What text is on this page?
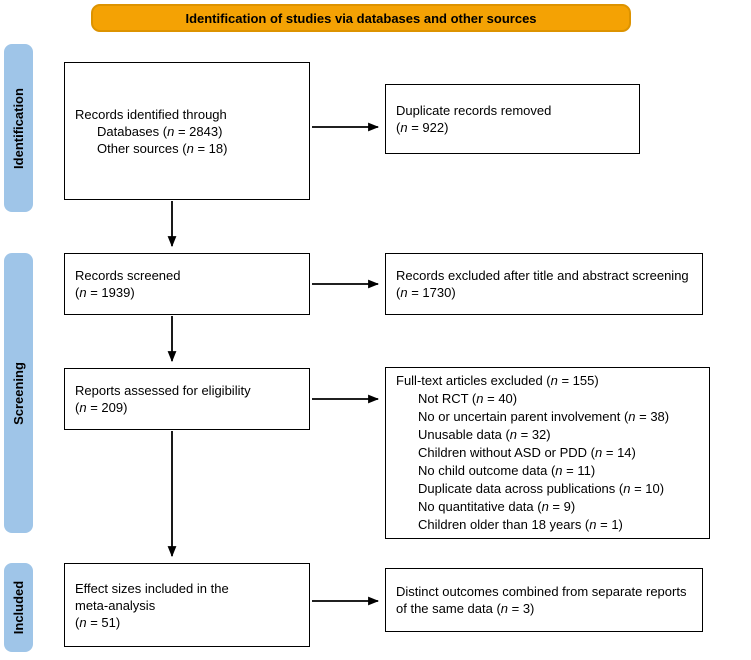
Identification of studies via databases and other sources
Identification
Screening
Included
Records identified through
Databases (n = 2843)
Other sources (n = 18)
Duplicate records removed
(n = 922)
Records screened
(n = 1939)
Records excluded after title and abstract screening
(n = 1730)
Reports assessed for eligibility
(n = 209)
Full-text articles excluded (n = 155)
Not RCT (n = 40)
No or uncertain parent involvement (n = 38)
Unusable data (n = 32)
Children without ASD or PDD (n = 14)
No child outcome data (n = 11)
Duplicate data across publications (n = 10)
No quantitative data (n = 9)
Children older than 18 years (n = 1)
Effect sizes included in the
meta-analysis
(n = 51)
Distinct outcomes combined from separate reports
of the same data (n = 3)
